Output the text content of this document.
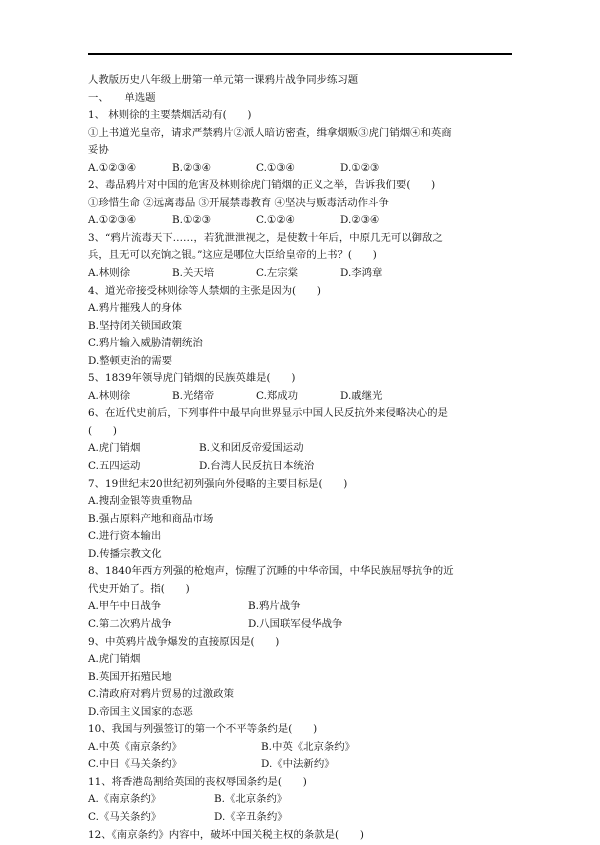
人教版历史八年级上册第一单元第一课鸦片战争同步练习题
一、　　单选题
1、 林则徐的主要禁烟活动有(　　)
①上书道光皇帝，请求严禁鸦片②派人暗访密查，缉拿烟贩③虎门销烟④和英商
妥协
A.①②③④	B.②③④	C.①③④	D.①②③
2、毒品鸦片对中国的危害及林则徐虎门销烟的正义之举，告诉我们要(　　)
①珍惜生命 ②远离毒品 ③开展禁毒教育 ④坚决与贩毒活动作斗争
A.①②③④	B.①②③	C.①②④	D.②③④
3、“鸦片流毒天下……，若犹泄泄视之，是使数十年后，中原几无可以御敌之
兵，且无可以充饷之银。”这应是哪位大臣给皇帝的上书？(　　)
A.林则徐	B.关天培	C.左宗棠	D.李鸿章
4、道光帝接受林则徐等人禁烟的主张是因为(　　)
A.鸦片摧残人的身体
B.坚持闭关锁国政策
C.鸦片输入威胁清朝统治
D.整顿吏治的需要
5、1839年领导虎门销烟的民族英雄是(　　)
A.林则徐	B.光绪帝	C.郑成功	D.戚继光
6、在近代史前后，下列事件中最早向世界显示中国人民反抗外来侵略决心的是
(　　)
A.虎门销烟	B.义和团反帝爱国运动
C.五四运动	D.台湾人民反抗日本统治
7、19世纪末20世纪初列强向外侵略的主要目标是(　　)
A.搜刮金银等贵重物品
B.强占原料产地和商品市场
C.进行资本输出
D.传播宗教文化
8、1840年西方列强的枪炮声，惊醒了沉睡的中华帝国，中华民族屈辱抗争的近
代史开始了。指(　　)
A.甲午中日战争	B.鸦片战争
C.第二次鸦片战争	D.八国联军侵华战争
9、中英鸦片战争爆发的直接原因是(　　)
A.虎门销烟
B.英国开拓殖民地
C.清政府对鸦片贸易的过激政策
D.帝国主义国家的态恶
10、我国与列强签订的第一个不平等条约是(　　)
A.中英《南京条约》	B.中英《北京条约》
C.中日《马关条约》	D.《中法新约》
11、将香港岛割给英国的丧权辱国条约是(　　)
A.《南京条约》	B.《北京条约》
C.《马关条约》	D.《辛丑条约》
12、《南京条约》内容中，破坏中国关税主权的条款是(　　)
